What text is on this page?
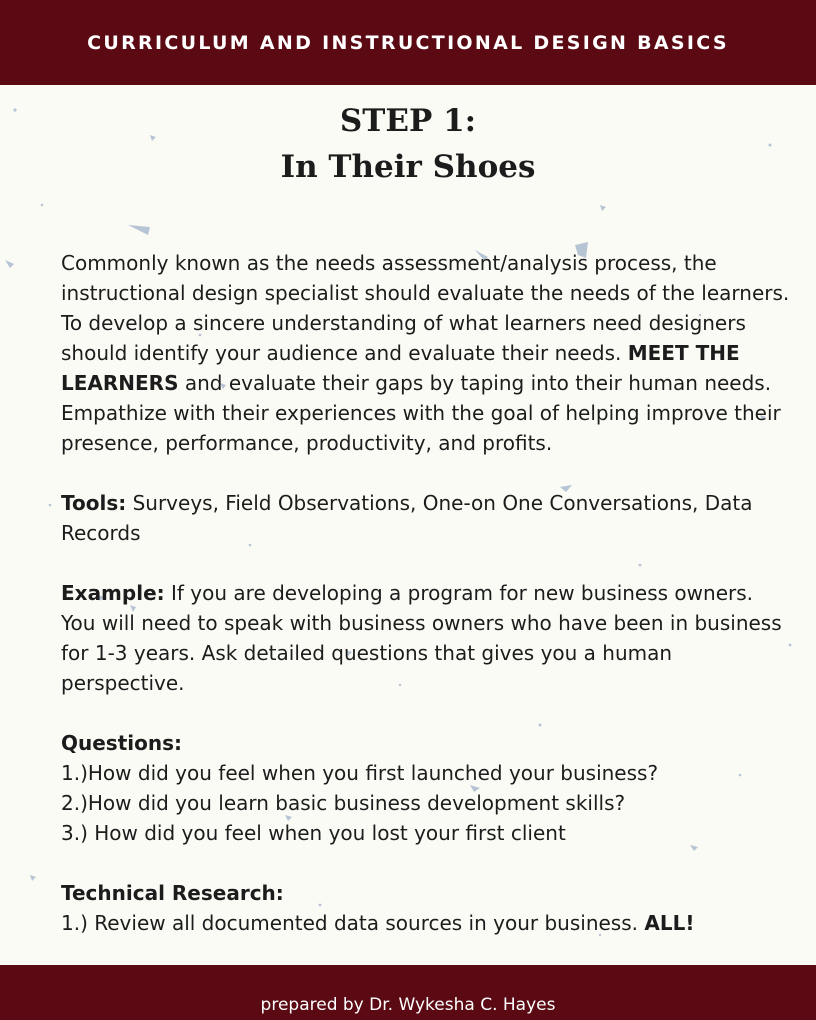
CURRICULUM AND INSTRUCTIONAL DESIGN BASICS
STEP 1:
In Their Shoes

Commonly known as the needs assessment/analysis process, the instructional design specialist should evaluate the needs of the learners. To develop a sincere understanding of what learners need designers should identify your audience and evaluate their needs. MEET THE LEARNERS and evaluate their gaps by taping into their human needs. Empathize with their experiences with the goal of helping improve their presence, performance, productivity, and profits.

Tools: Surveys, Field Observations, One-on One Conversations, Data Records

Example: If you are developing a program for new business owners. You will need to speak with business owners who have been in business for 1-3 years. Ask detailed questions that gives you a human perspective.

Questions:
1.)How did you feel when you first launched your business?
2.)How did you learn basic business development skills?
3.) How did you feel when you lost your first client

Technical Research:
1.) Review all documented data sources in your business. ALL!

prepared by Dr. Wykesha C. Hayes
